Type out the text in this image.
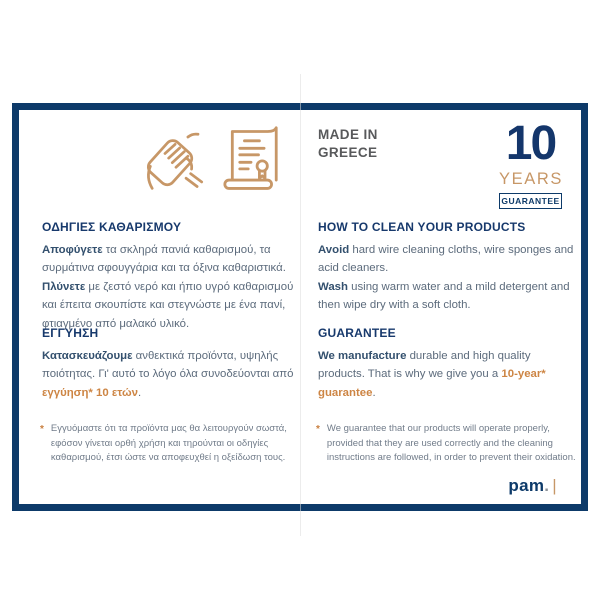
MADE IN
GREECE	10
YEARS
GUARANTEE
ΟΔΗΓΙΕΣ ΚΑΘΑΡΙΣΜΟΥ

Αποφύγετε τα σκληρά πανιά καθαρισμού, τα συρμάτινα σφουγγάρια και τα όξινα καθαριστικά.

Πλύνετε με ζεστό νερό και ήπιο υγρό καθαρισμού και έπειτα σκουπίστε και στεγνώστε με ένα πανί, φτιαγμένο από μαλακό υλικό.

HOW TO CLEAN YOUR PRODUCTS

Avoid hard wire cleaning cloths, wire sponges and acid cleaners.

Wash using warm water and a mild detergent and then wipe dry with a soft cloth.

ΕΓΓΥΗΣΗ

Κατασκευάζουμε ανθεκτικά προϊόντα, υψηλής ποιότητας. Γι' αυτό το λόγο όλα συνοδεύονται από εγγύηση* 10 ετών.

GUARANTEE

We manufacture durable and high quality products. That is why we give you a 10-year* guarantee.

* Εγγυόμαστε ότι τα προϊόντα μας θα λειτουργούν σωστά, εφόσον γίνεται ορθή χρήση και τηρούνται οι οδηγίες καθαρισμού, έτσι ώστε να αποφευχθεί η οξείδωση τους.
* We guarantee that our products will operate properly, provided that they are used correctly and the cleaning instructions are followed, in order to prevent their oxidation.
pam. |
